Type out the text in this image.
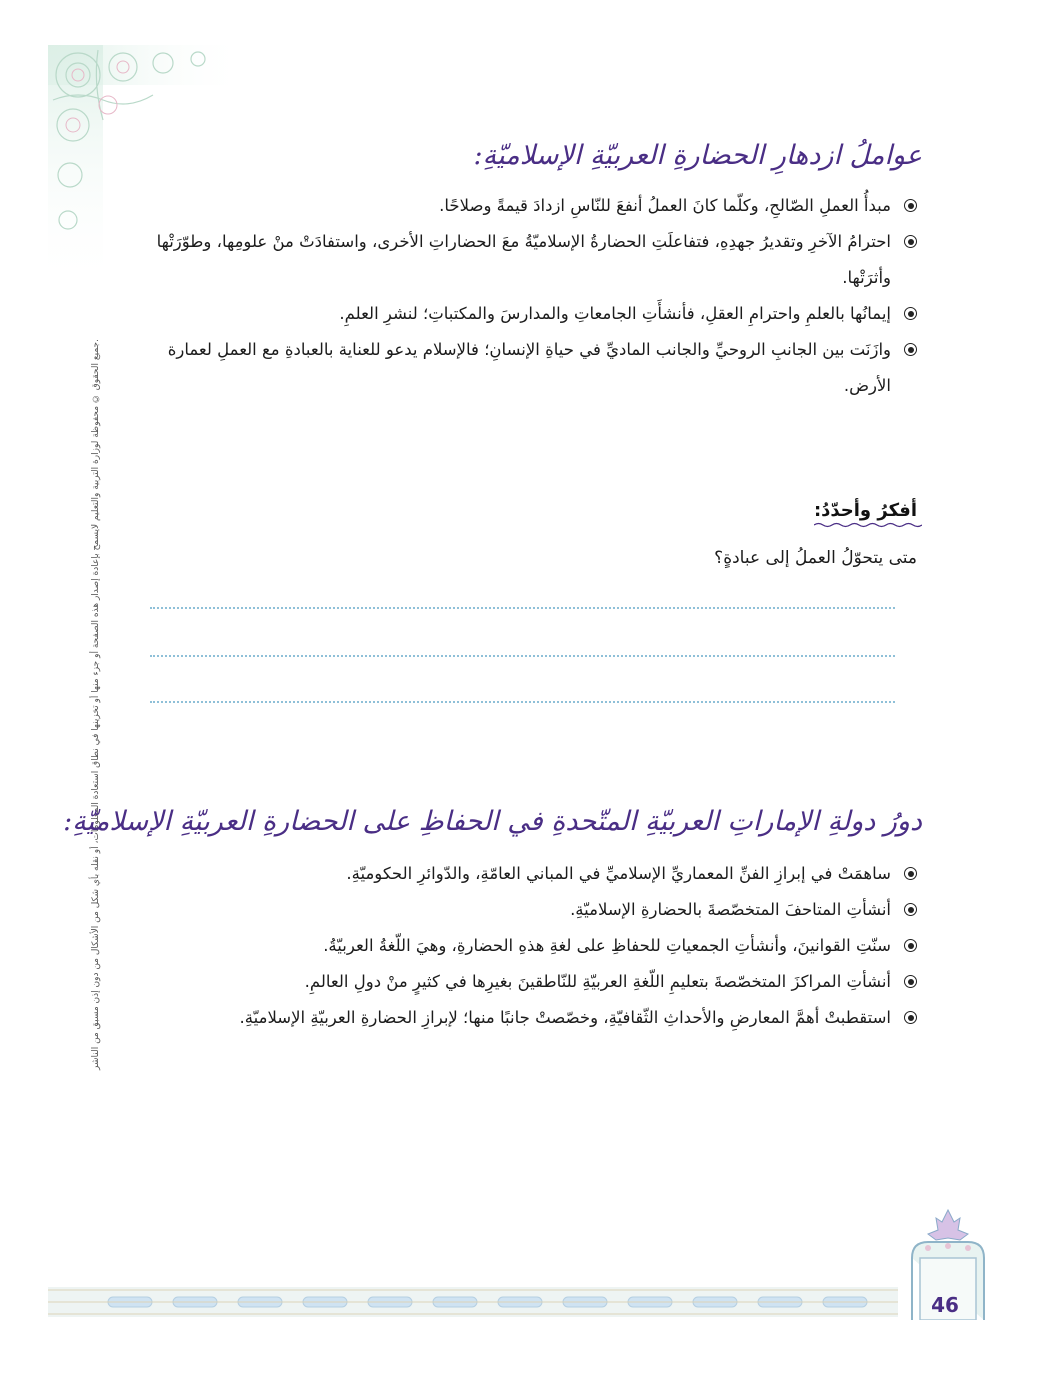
جميع الحقوق © محفوظة لوزارة التربية والتعليم لايسمح بإعادة إصدار هذه الصفحة أو جزء منها أو تخزينها في نطاق استعادة المعلومات، أو نقله بأي شكل من الأشكال من دون إذن مسبق من الناشر.
عواملُ ازدهارِ الحضارةِ العربيّةِ الإسلاميّةِ:
مبدأُ العملِ الصّالحِ، وكلّما كانَ العملُ أنفعَ للنّاسِ ازدادَ قيمةً وصلاحًا.
احترامُ الآخرِ وتقديرُ جهدِهِ، فتفاعلَتِ الحضارةُ الإسلاميّةُ معَ الحضاراتِ الأخرى، واستفادَتْ منْ علومِها، وطوّرَتْها وأثرَتْها.
إيمانُها بالعلمِ واحترامِ العقلِ، فأنشأَتِ الجامعاتِ والمدارسَ والمكتباتِ؛ لنشرِ العلمِ.
وازَنَت بين الجانبِ الروحيِّ والجانب الماديِّ في حياةِ الإنسانِ؛ فالإسلام يدعو للعناية بالعبادةِ مع العملِ لعمارة الأرض.
أفكرُ وأحدّدُ:
متى يتحوّلُ العملُ إلى عبادةٍ؟
دورُ دولةِ الإماراتِ العربيّةِ المتّحدةِ في الحفاظِ على الحضارةِ العربيّةِ الإسلاميّةِ:
ساهمَتْ في إبرازِ الفنِّ المعماريِّ الإسلاميِّ في المباني العامّةِ، والدّوائرِ الحكوميّةِ.
أنشأتِ المتاحفَ المتخصّصةَ بالحضارةِ الإسلاميّةِ.
سنّتِ القوانينَ، وأنشأتِ الجمعياتِ للحفاظِ على لغةِ هذهِ الحضارةِ، وهيَ اللّغةُ العربيّةُ.
أنشأتِ المراكزَ المتخصّصةَ بتعليمِ اللّغةِ العربيّةِ للنّاطقينَ بغيرِها في كثيرٍ منْ دولِ العالمِ.
استقطبتْ أهمَّ المعارضِ والأحداثِ الثّقافيّةِ، وخصّصتْ جانبًا منها؛ لإبرازِ الحضارةِ العربيّةِ الإسلاميّةِ.
46
